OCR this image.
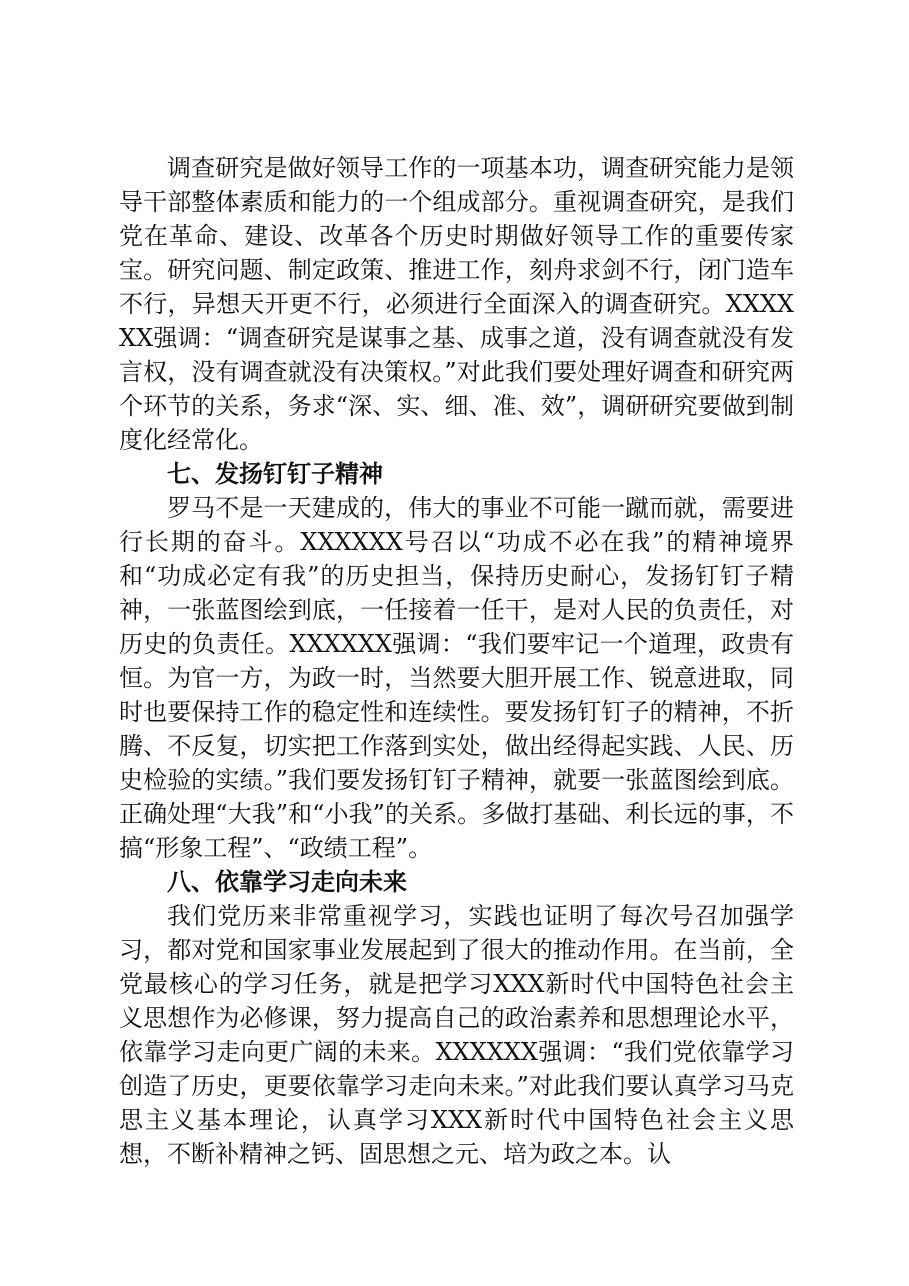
调查研究是做好领导工作的一项基本功，调查研究能力是领导干部整体素质和能力的一个组成部分。重视调查研究，是我们党在革命、建设、改革各个历史时期做好领导工作的重要传家宝。研究问题、制定政策、推进工作，刻舟求剑不行，闭门造车不行，异想天开更不行，必须进行全面深入的调查研究。XXXXXX强调：“调查研究是谋事之基、成事之道，没有调查就没有发言权，没有调查就没有决策权。”对此我们要处理好调查和研究两个环节的关系，务求“深、实、细、准、效”，调研研究要做到制度化经常化。

七、发扬钉钉子精神

罗马不是一天建成的，伟大的事业不可能一蹴而就，需要进行长期的奋斗。XXXXXX号召以“功成不必在我”的精神境界和“功成必定有我”的历史担当，保持历史耐心，发扬钉钉子精神，一张蓝图绘到底，一任接着一任干，是对人民的负责任，对历史的负责任。XXXXXX强调：“我们要牢记一个道理，政贵有恒。为官一方，为政一时，当然要大胆开展工作、锐意进取，同时也要保持工作的稳定性和连续性。要发扬钉钉子的精神，不折腾、不反复，切实把工作落到实处，做出经得起实践、人民、历史检验的实绩。”我们要发扬钉钉子精神，就要一张蓝图绘到底。正确处理“大我”和“小我”的关系。多做打基础、利长远的事，不搞“形象工程”、“政绩工程”。

八、依靠学习走向未来

我们党历来非常重视学习，实践也证明了每次号召加强学习，都对党和国家事业发展起到了很大的推动作用。在当前，全党最核心的学习任务，就是把学习XXX新时代中国特色社会主义思想作为必修课，努力提高自己的政治素养和思想理论水平，依靠学习走向更广阔的未来。XXXXXX强调：“我们党依靠学习创造了历史，更要依靠学习走向未来。”对此我们要认真学习马克思主义基本理论，认真学习XXX新时代中国特色社会主义思想，不断补精神之钙、固思想之元、培为政之本。认
